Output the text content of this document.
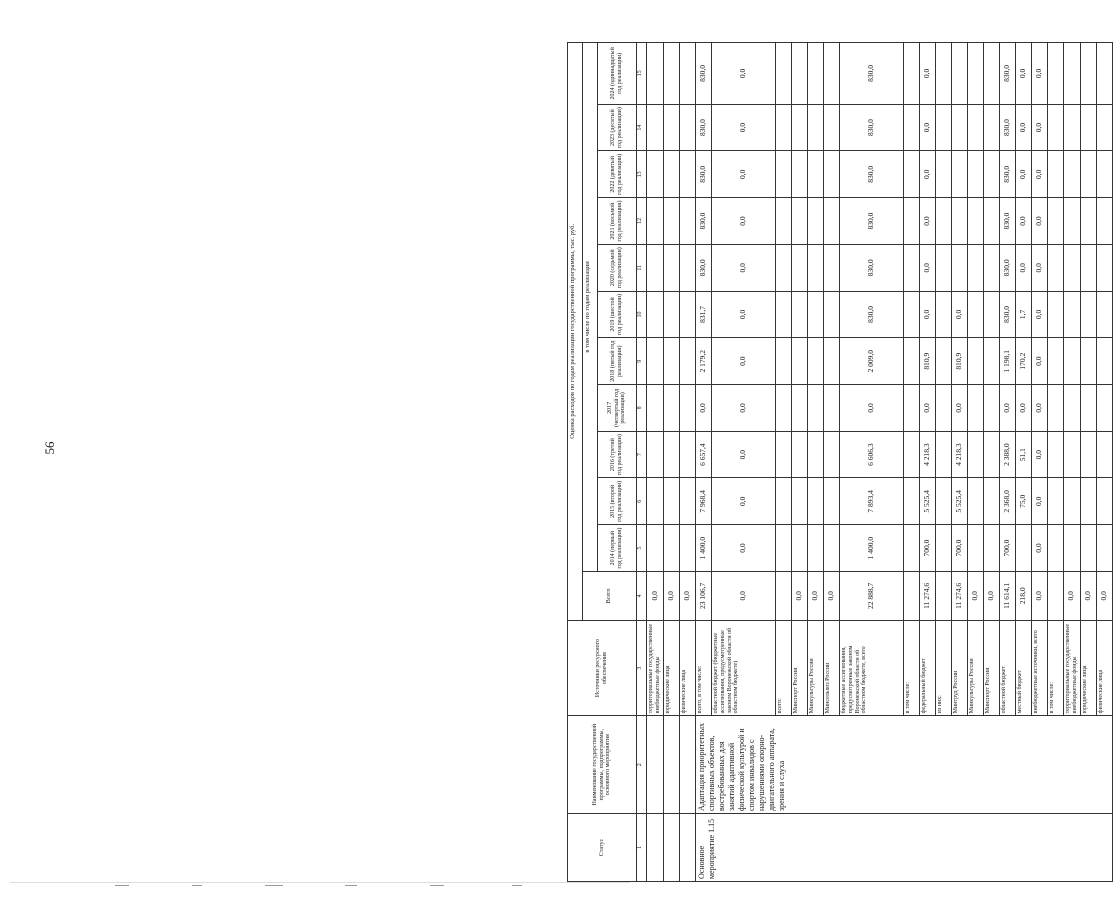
56
Статус	Наименование государственной программы, подпрограммы, основного мероприятия	Источники ресурсного обеспечения	Оценка расходов по годам реализации государственной программы, тыс. руб.											
			Всего	в том числе по годам реализации										
				2014 (первый год реализации)	2015 (второй год реализации)	2016 (третий год реализации)	2017 (четвертый год реализации)	2018 (пятый год реализации)	2019 (шестой год реализации)	2020 (седьмой год реализации)	2021 (восьмой год реализации)	2022 (девятый год реализации)	2023 (десятый год реализации)	2024 (одиннадцатый год реализации)
1	2	3	4	5	6	7	8	9	10	11	12	13	14	15
		территориальные государственные внебюджетные фонды	0,0											
		юридические лица	0,0											
		физические лица	0,0											
Основное мероприятие 1.15	Адаптация приоритетных спортивных объектов, востребованных для занятий адаптивной физической культурой и спортом инвалидов с нарушениями опорно-двигательного аппарата, зрения и слуха	всего, в том числе:	23 106,7	1 400,0	7 968,4	6 657,4	0,0	2 179,2	831,7	830,0	830,0	830,0	830,0	830,0
		областной бюджет (бюджетные ассигнования, предусмотренные законом Воронежской области об областном бюджете)	0,0	0,0	0,0	0,0	0,0	0,0	0,0	0,0	0,0	0,0	0,0	0,0
		всего:												
		Минспорт России	0,0											
		Минкультуры России	0,0											
		Минсельхоз России	0,0											
		бюджетные ассигнования, предусмотренные законом Воронежской области об областном бюджете, всего	22 888,7	1 400,0	7 893,4	6 606,3	0,0	2 009,0	830,0	830,0	830,0	830,0	830,0	830,0
		в том числе:												
		федеральный бюджет	11 274,6	700,0	5 525,4	4 218,3	0,0	810,9	0,0	0,0	0,0	0,0	0,0	0,0
		из них:												
		Минтруд России	11 274,6	700,0	5 525,4	4 218,3	0,0	810,9	0,0					
		Минкультуры России	0,0											
		Минспорт России	0,0											
		областной бюджет	11 614,1	700,0	2 368,0	2 388,0	0,0	1 198,1	830,0	830,0	830,0	830,0	830,0	830,0
		местный бюджет	218,0		75,0	51,1	0,0	170,2	1,7	0,0	0,0	0,0	0,0	0,0
		внебюджетные источники, всего	0,0	0,0	0,0	0,0	0,0	0,0	0,0	0,0	0,0	0,0	0,0	0,0
		в том числе:												
		территориальные государственные внебюджетные фонды	0,0											
		юридические лица	0,0											
		физические лица	0,0											
